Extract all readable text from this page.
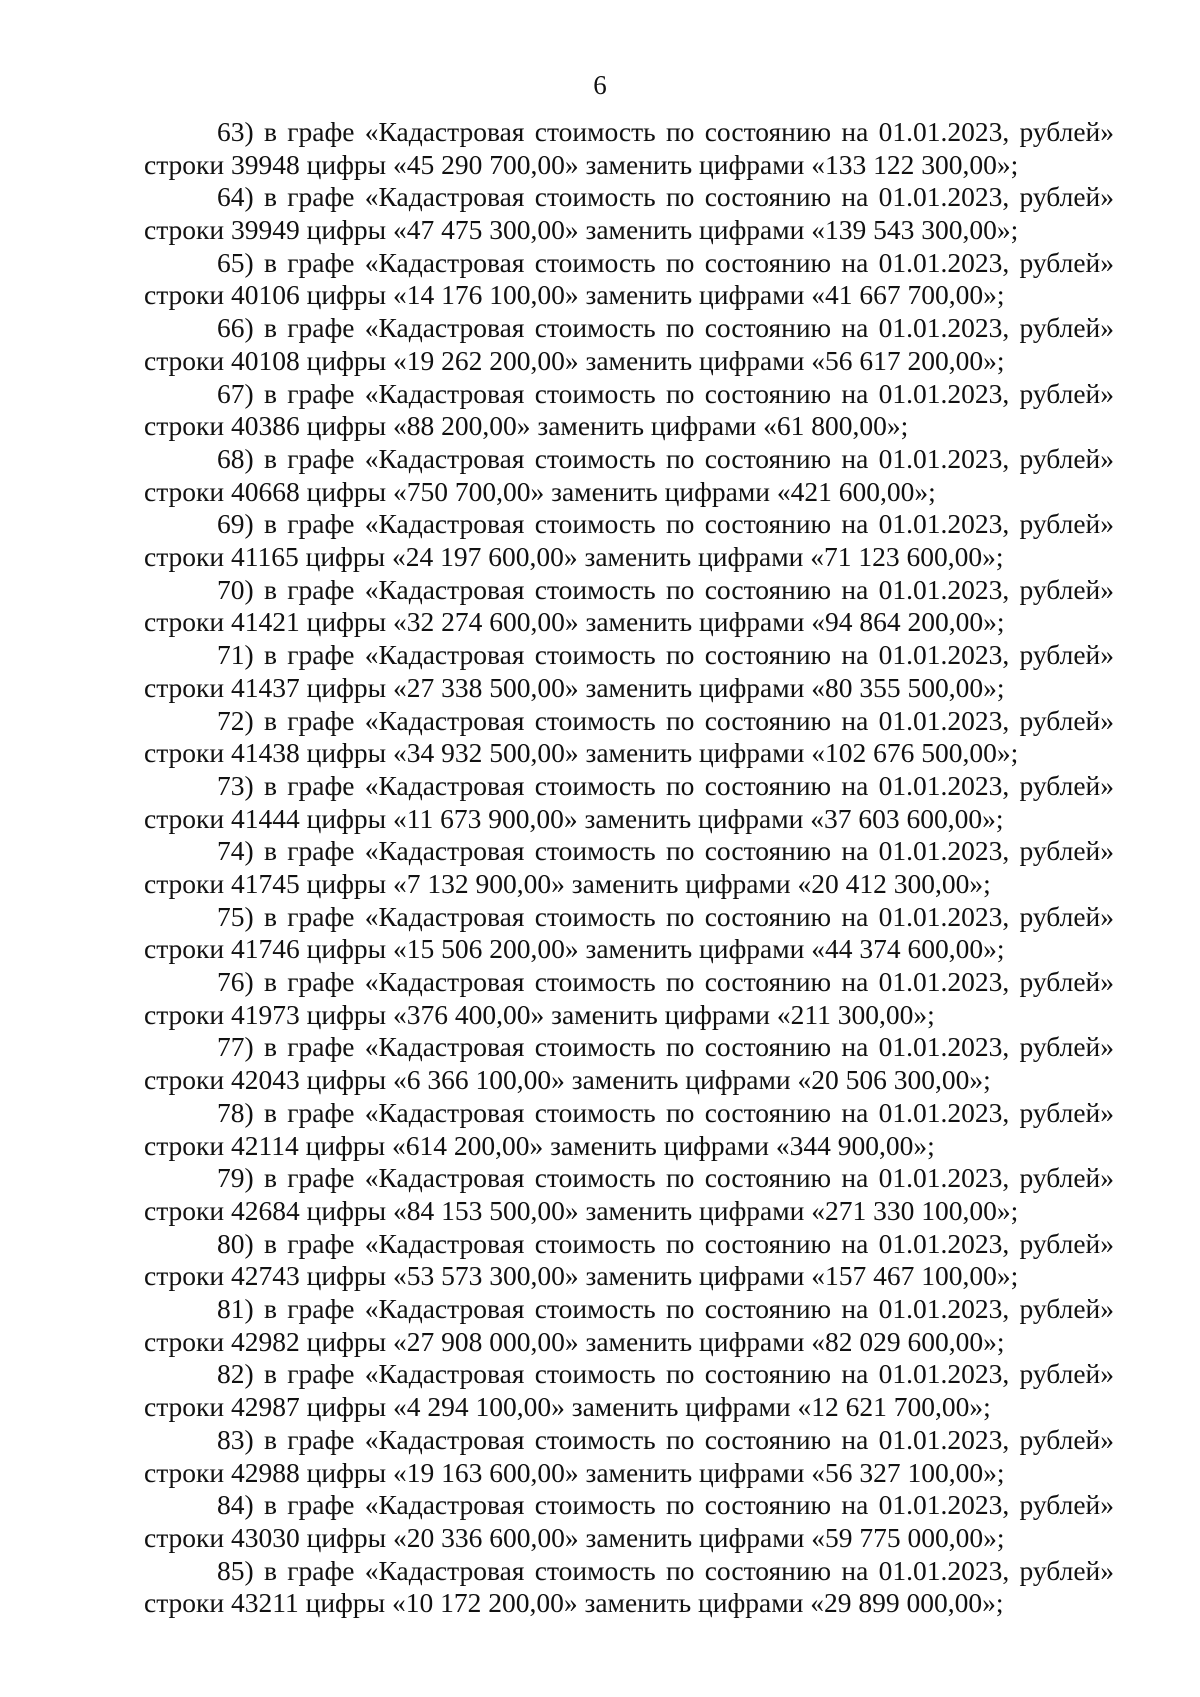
6
63) в графе «Кадастровая стоимость по состоянию на 01.01.2023, рублей»
строки 39948 цифры «45 290 700,00» заменить цифрами «133 122 300,00»;
64) в графе «Кадастровая стоимость по состоянию на 01.01.2023, рублей»
строки 39949 цифры «47 475 300,00» заменить цифрами «139 543 300,00»;
65) в графе «Кадастровая стоимость по состоянию на 01.01.2023, рублей»
строки 40106 цифры «14 176 100,00» заменить цифрами «41 667 700,00»;
66) в графе «Кадастровая стоимость по состоянию на 01.01.2023, рублей»
строки 40108 цифры «19 262 200,00» заменить цифрами «56 617 200,00»;
67) в графе «Кадастровая стоимость по состоянию на 01.01.2023, рублей»
строки 40386 цифры «88 200,00» заменить цифрами «61 800,00»;
68) в графе «Кадастровая стоимость по состоянию на 01.01.2023, рублей»
строки 40668 цифры «750 700,00» заменить цифрами «421 600,00»;
69) в графе «Кадастровая стоимость по состоянию на 01.01.2023, рублей»
строки 41165 цифры «24 197 600,00» заменить цифрами «71 123 600,00»;
70) в графе «Кадастровая стоимость по состоянию на 01.01.2023, рублей»
строки 41421 цифры «32 274 600,00» заменить цифрами «94 864 200,00»;
71) в графе «Кадастровая стоимость по состоянию на 01.01.2023, рублей»
строки 41437 цифры «27 338 500,00» заменить цифрами «80 355 500,00»;
72) в графе «Кадастровая стоимость по состоянию на 01.01.2023, рублей»
строки 41438 цифры «34 932 500,00» заменить цифрами «102 676 500,00»;
73) в графе «Кадастровая стоимость по состоянию на 01.01.2023, рублей»
строки 41444 цифры «11 673 900,00» заменить цифрами «37 603 600,00»;
74) в графе «Кадастровая стоимость по состоянию на 01.01.2023, рублей»
строки 41745 цифры «7 132 900,00» заменить цифрами «20 412 300,00»;
75) в графе «Кадастровая стоимость по состоянию на 01.01.2023, рублей»
строки 41746 цифры «15 506 200,00» заменить цифрами «44 374 600,00»;
76) в графе «Кадастровая стоимость по состоянию на 01.01.2023, рублей»
строки 41973 цифры «376 400,00» заменить цифрами «211 300,00»;
77) в графе «Кадастровая стоимость по состоянию на 01.01.2023, рублей»
строки 42043 цифры «6 366 100,00» заменить цифрами «20 506 300,00»;
78) в графе «Кадастровая стоимость по состоянию на 01.01.2023, рублей»
строки 42114 цифры «614 200,00» заменить цифрами «344 900,00»;
79) в графе «Кадастровая стоимость по состоянию на 01.01.2023, рублей»
строки 42684 цифры «84 153 500,00» заменить цифрами «271 330 100,00»;
80) в графе «Кадастровая стоимость по состоянию на 01.01.2023, рублей»
строки 42743 цифры «53 573 300,00» заменить цифрами «157 467 100,00»;
81) в графе «Кадастровая стоимость по состоянию на 01.01.2023, рублей»
строки 42982 цифры «27 908 000,00» заменить цифрами «82 029 600,00»;
82) в графе «Кадастровая стоимость по состоянию на 01.01.2023, рублей»
строки 42987 цифры «4 294 100,00» заменить цифрами «12 621 700,00»;
83) в графе «Кадастровая стоимость по состоянию на 01.01.2023, рублей»
строки 42988 цифры «19 163 600,00» заменить цифрами «56 327 100,00»;
84) в графе «Кадастровая стоимость по состоянию на 01.01.2023, рублей»
строки 43030 цифры «20 336 600,00» заменить цифрами «59 775 000,00»;
85) в графе «Кадастровая стоимость по состоянию на 01.01.2023, рублей»
строки 43211 цифры «10 172 200,00» заменить цифрами «29 899 000,00»;
